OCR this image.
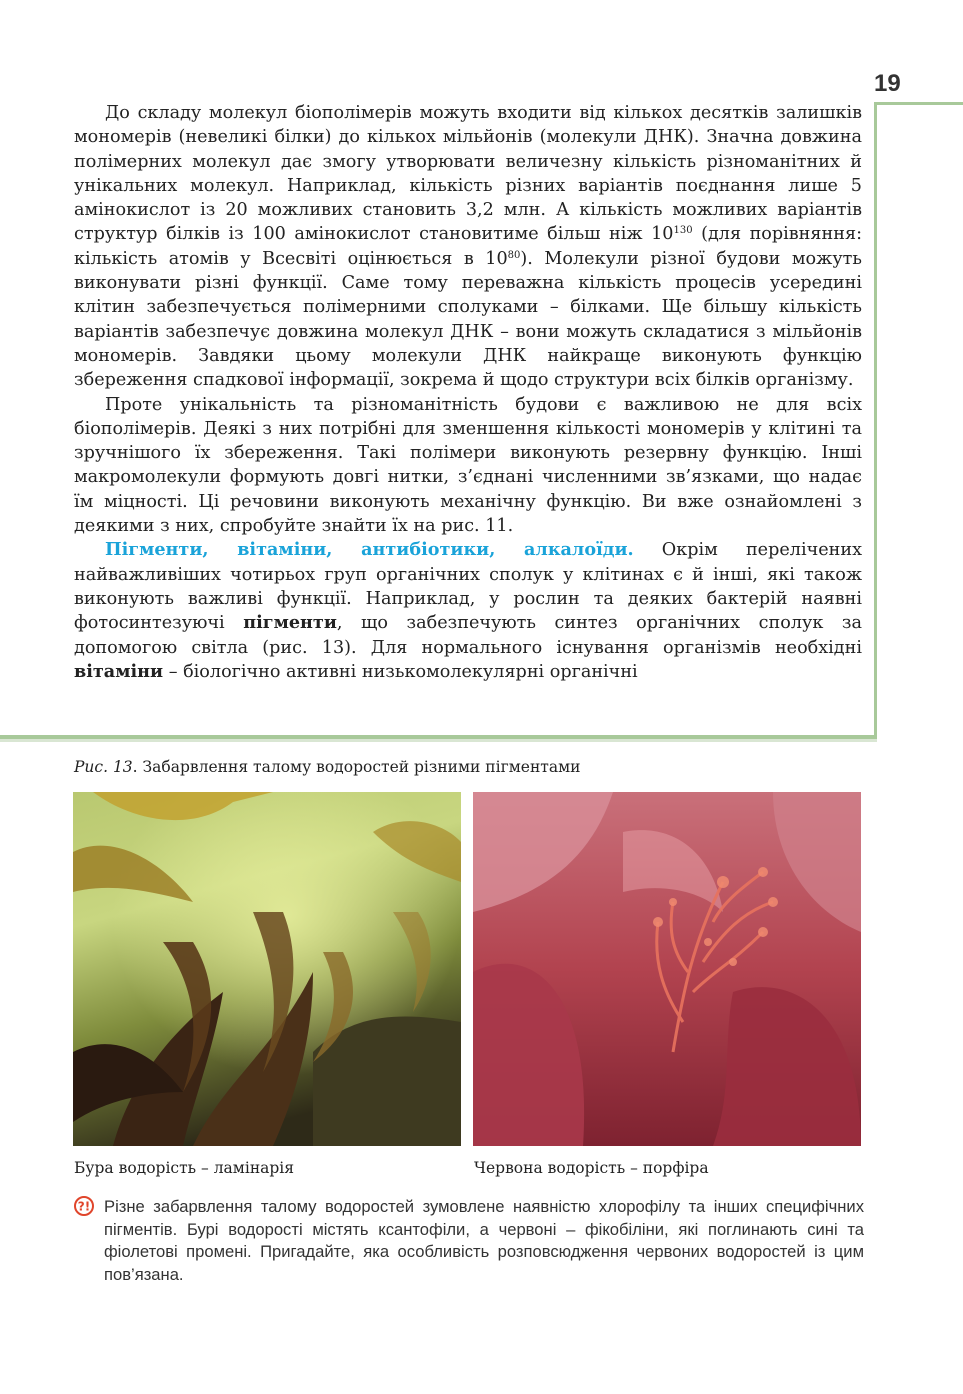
19

До складу молекул біополімерів можуть входити від кількох десятків залишків мономерів (невеликі білки) до кількох мільйонів (молекули ДНК). Значна довжина полімерних молекул дає змогу утворювати величезну кількість різноманітних й унікальних молекул. Наприклад, кількість різних варіантів поєднання лише 5 амінокислот із 20 можливих становить 3,2 млн. А кількість можливих варіантів структур білків із 100 амінокислот становитиме більш ніж $10^{130}$ (для порівняння: кількість атомів у Всесвіті оцінюється в $10^{80}$). Молекули різної будови можуть виконувати різні функції. Саме тому переважна кількість процесів усередині клітин забезпечується полімерними сполуками – білками. Ще більшу кількість варіантів забезпечує довжина молекул ДНК – вони можуть складатися з мільйонів мономерів. Завдяки цьому молекули ДНК найкраще виконують функцію збереження спадкової інформації, зокрема й щодо структури всіх білків організму.

Проте унікальність та різноманітність будови є важливою не для всіх біополімерів. Деякі з них потрібні для зменшення кількості мономерів у клітині та зручнішого їх збереження. Такі полімери виконують резервну функцію. Інші макромолекули формують довгі нитки, з’єднані численними зв’язками, що надає їм міцності. Ці речовини виконують механічну функцію. Ви вже ознайомлені з деякими з них, спробуйте знайти їх на рис. 11.

Пігменти, вітаміни, антибіотики, алкалоїди. Окрім перелічених найважливіших чотирьох груп органічних сполук у клітинах є й інші, які також виконують важливі функції. Наприклад, у рослин та деяких бактерій наявні фотосинтезуючі пігменти, що забезпечують синтез органічних сполук за допомогою світла (рис. 13). Для нормального існування організмів необхідні вітаміни – біологічно активні низькомолекулярні органічні

Рис. 13. Забарвлення талому водоростей різними пігментами
Бура водорість – ламінарія	Червона водорість – порфіра
?! Різне забарвлення талому водоростей зумовлене наявністю хлорофілу та інших специфічних пігментів. Бурі водорості містять ксантофіли, а червоні – фікобіліни, які поглинають сині та фіолетові промені. Пригадайте, яка особливість розповсюдження червоних водоростей із цим пов’язана.
